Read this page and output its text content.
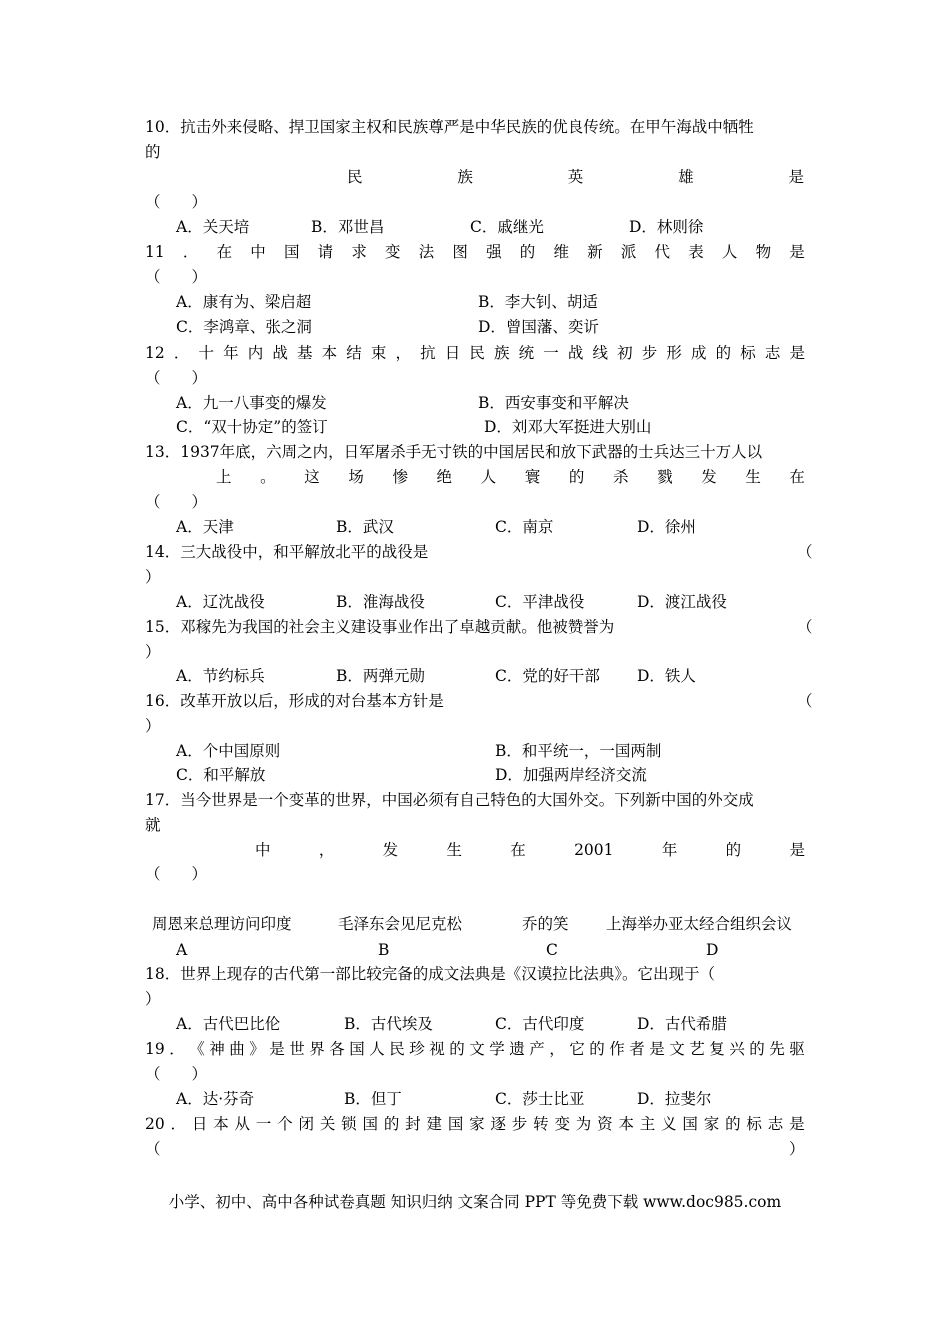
10．抗击外来侵略、捍卫国家主权和民族尊严是中华民族的优良传统。在甲午海战中牺牲
的
民	族	英	雄	是
（　　）
A．关天培	B．邓世昌	C．戚继光	D．林则徐
11 ． 在 中 国 请 求 变 法 图 强 的 维 新 派 代 表 人 物 是
（　　）
A．康有为、梁启超	B．李大钊、胡适
C．李鸿章、张之洞	D．曾国藩、奕䜣
12 ． 十 年 内 战 基 本 结 束 ， 抗 日 民 族 统 一 战 线 初 步 形 成 的 标 志 是
（　　）
A．九一八事变的爆发	B．西安事变和平解决
C．“双十协定”的签订	D．刘邓大军挺进大别山
13．1937年底，六周之内，日军屠杀手无寸铁的中国居民和放下武器的士兵达三十万人以
上 。 这 场 惨 绝 人 寰 的 杀 戮 发 生 在
（　　）
A．天津	B．武汉	C．南京	D．徐州
14．三大战役中，和平解放北平的战役是	（
）
A．辽沈战役	B．淮海战役	C．平津战役	D．渡江战役
15．邓稼先为我国的社会主义建设事业作出了卓越贡献。他被赞誉为	（
）
A．节约标兵	B．两弹元勋	C．党的好干部 D．铁人
16．改革开放以后，形成的对台基本方针是	（
）
A．个中国原则	B．和平统一，一国两制
C．和平解放	D．加强两岸经济交流
17．当今世界是一个变革的世界，中国必须有自己特色的大国外交。下列新中国的外交成
就
中	，	发	生	在	2001	年	的	是
（　　）
周恩来总理访问印度	毛泽东会见尼克松	乔的笑 上海举办亚太经合组织会议
A	B	C	D
18．世界上现存的古代第一部比较完备的成文法典是《汉谟拉比法典》。它出现于（
）
A．古代巴比伦	B．古代埃及	C．古代印度	D．古代希腊
19 ． 《 神 曲 》 是 世 界 各 国 人 民 珍 视 的 文 学 遗 产 ， 它 的 作 者 是 文 艺 复 兴 的 先 驱
（　　）
A．达·芬奇	B．但丁	C．莎士比亚	D．拉斐尔
20 ． 日 本 从 一 个 闭 关 锁 国 的 封 建 国 家 逐 步 转 变 为 资 本 主 义 国 家 的 标 志 是
（	）
小学、初中、高中各种试卷真题 知识归纳 文案合同 PPT 等免费下载 www.doc985.com
